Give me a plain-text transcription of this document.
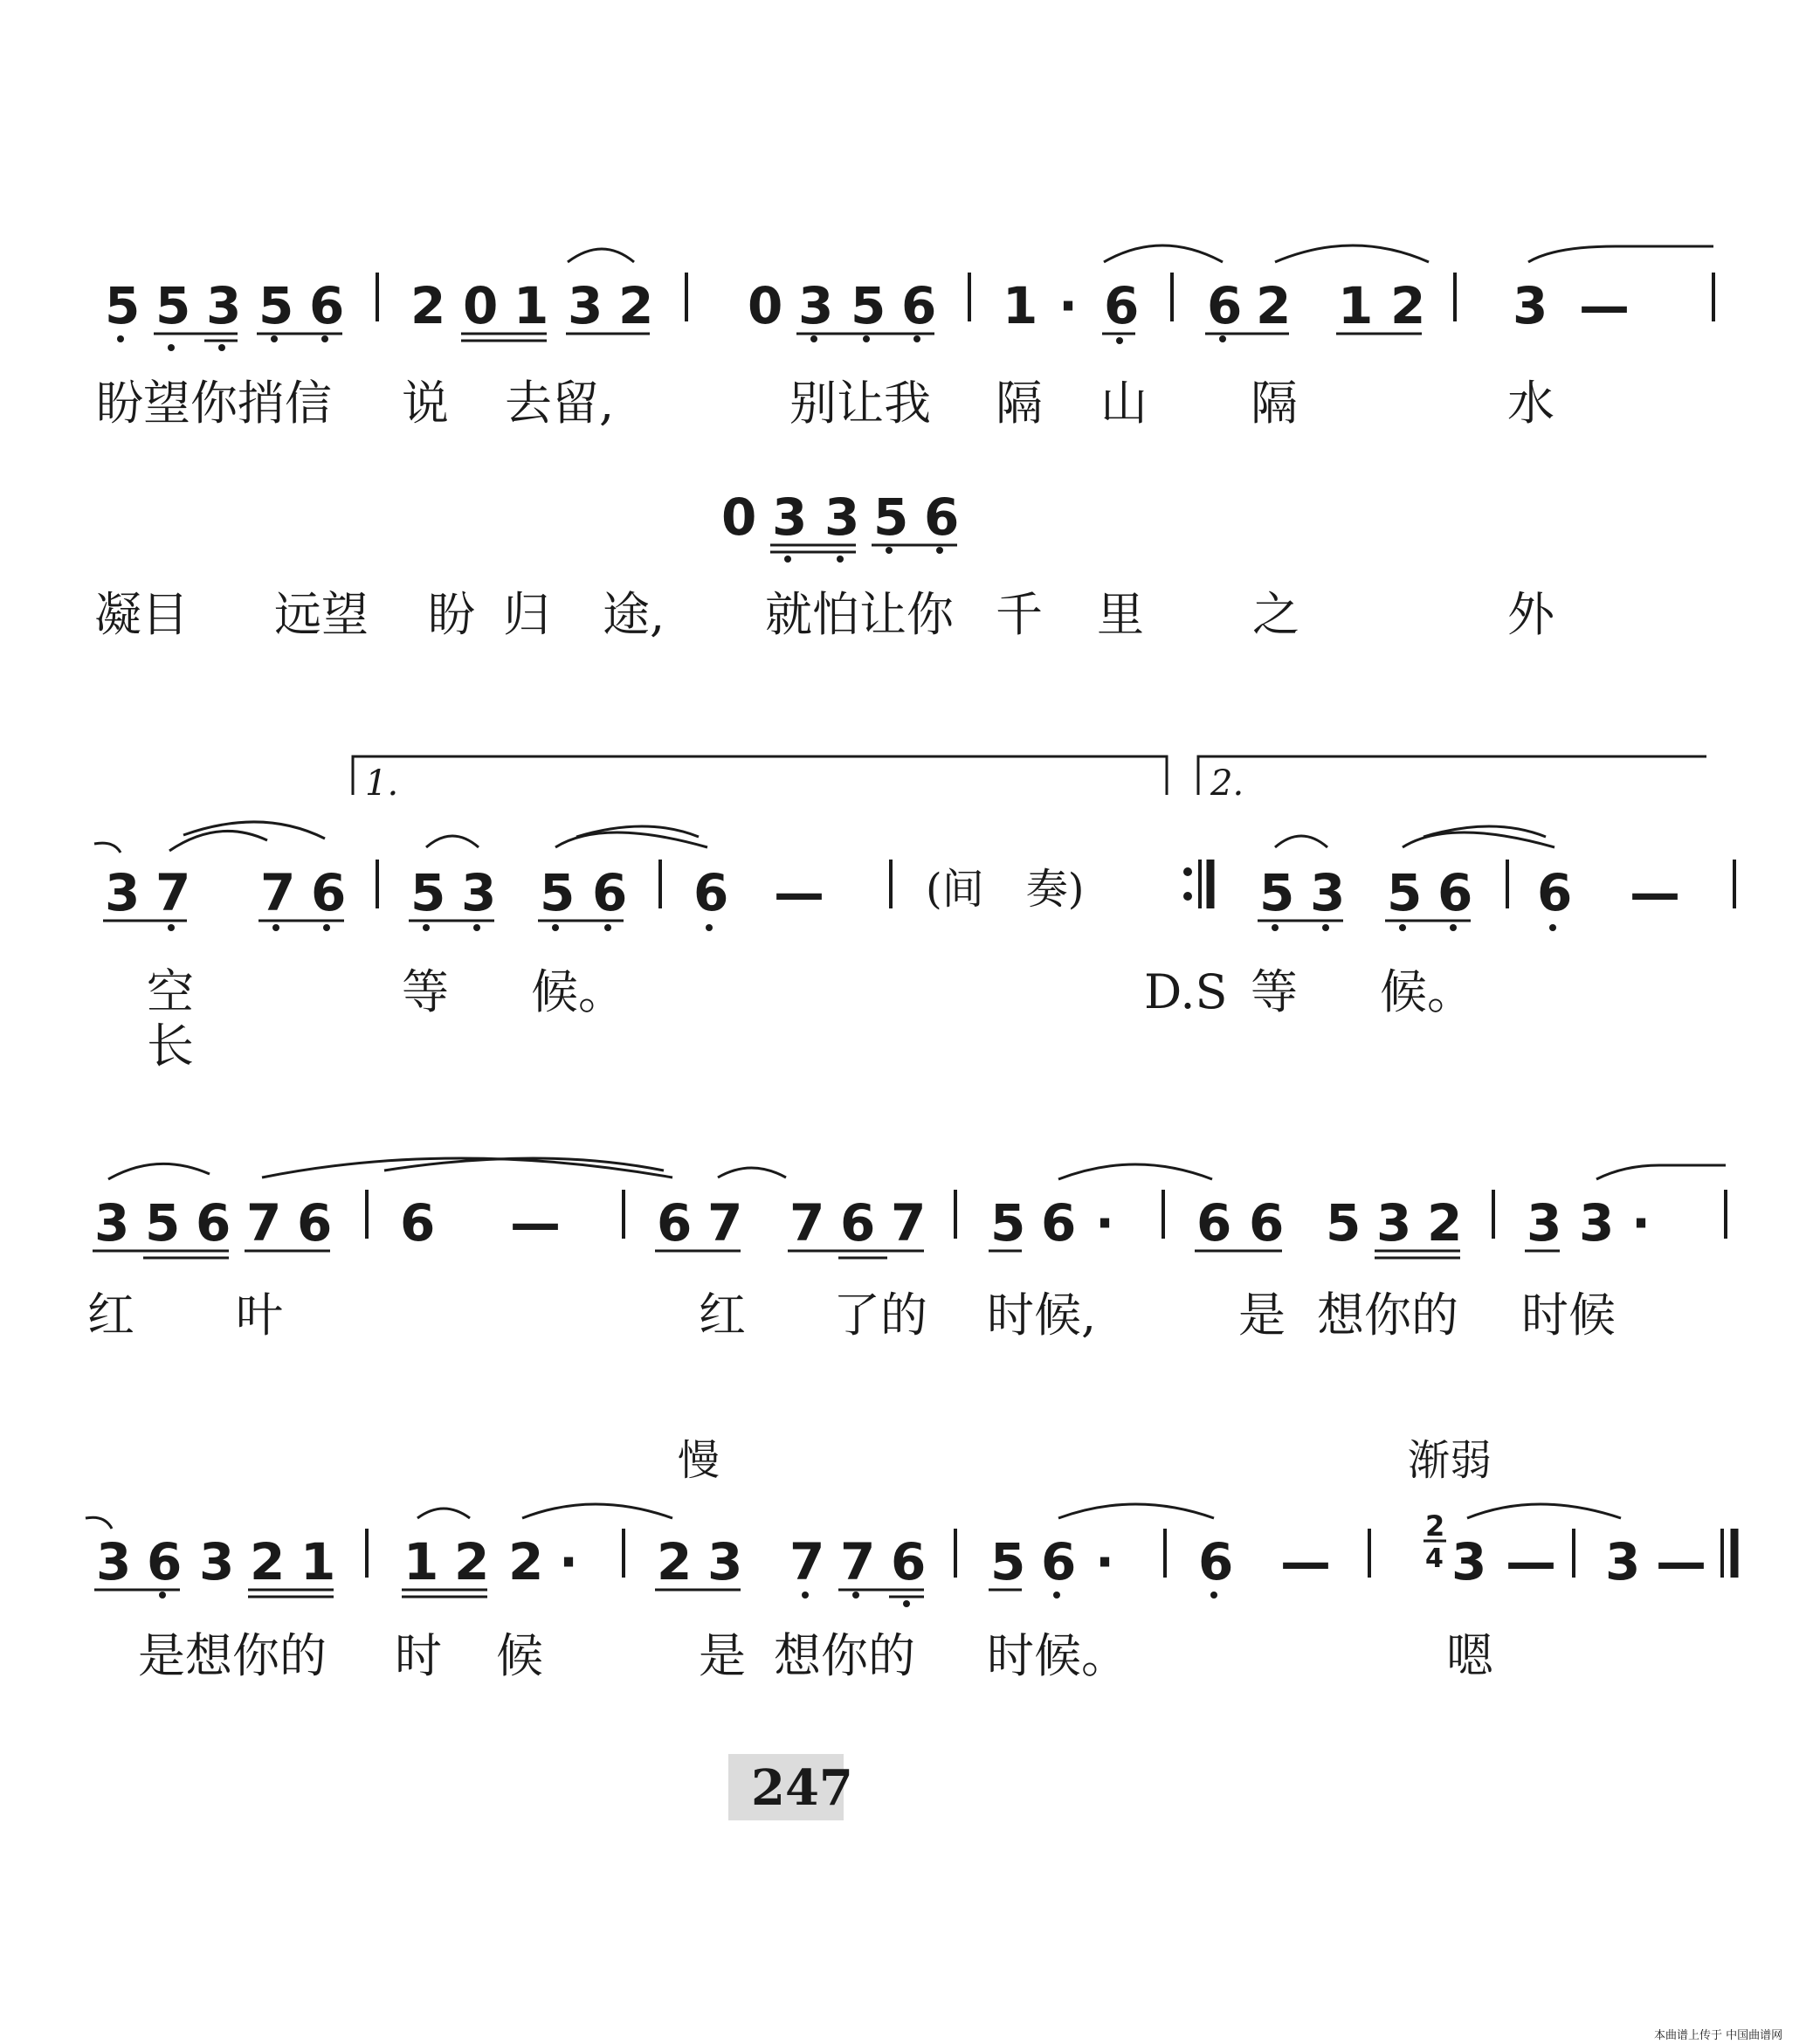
5 5 3 5 6 2 0 1 3 2 0 3 5 6 1 · 6 6 2 1 2 3 —
盼望你捎信 说 去留,	别让我 隔 山 隔	水
0 3 3 5 6
凝目 远望 盼 归 途, 就怕让你 千 里 之	外
1.	2.
3 7 7 6 5 3 5 6 6 —	5 3 5 6 6 —
(间　奏)
空	等 候。	D.S 等 候。
长
3 5 6 7 6 6 — 6 7 7 6 7 5 6 · 6 6 5 3 2 3 3 ·
红 叶	红 了的 时候,	是 想你的 时候
慢	渐弱
3 6 3 2 1 1 2 2 · 2 3 7 7 6 5 6 · 6 — 3 — 3 —
2
4
是想你的 时 候	是 想你的 时候。	嗯
247
本曲谱上传于 中国曲谱网
